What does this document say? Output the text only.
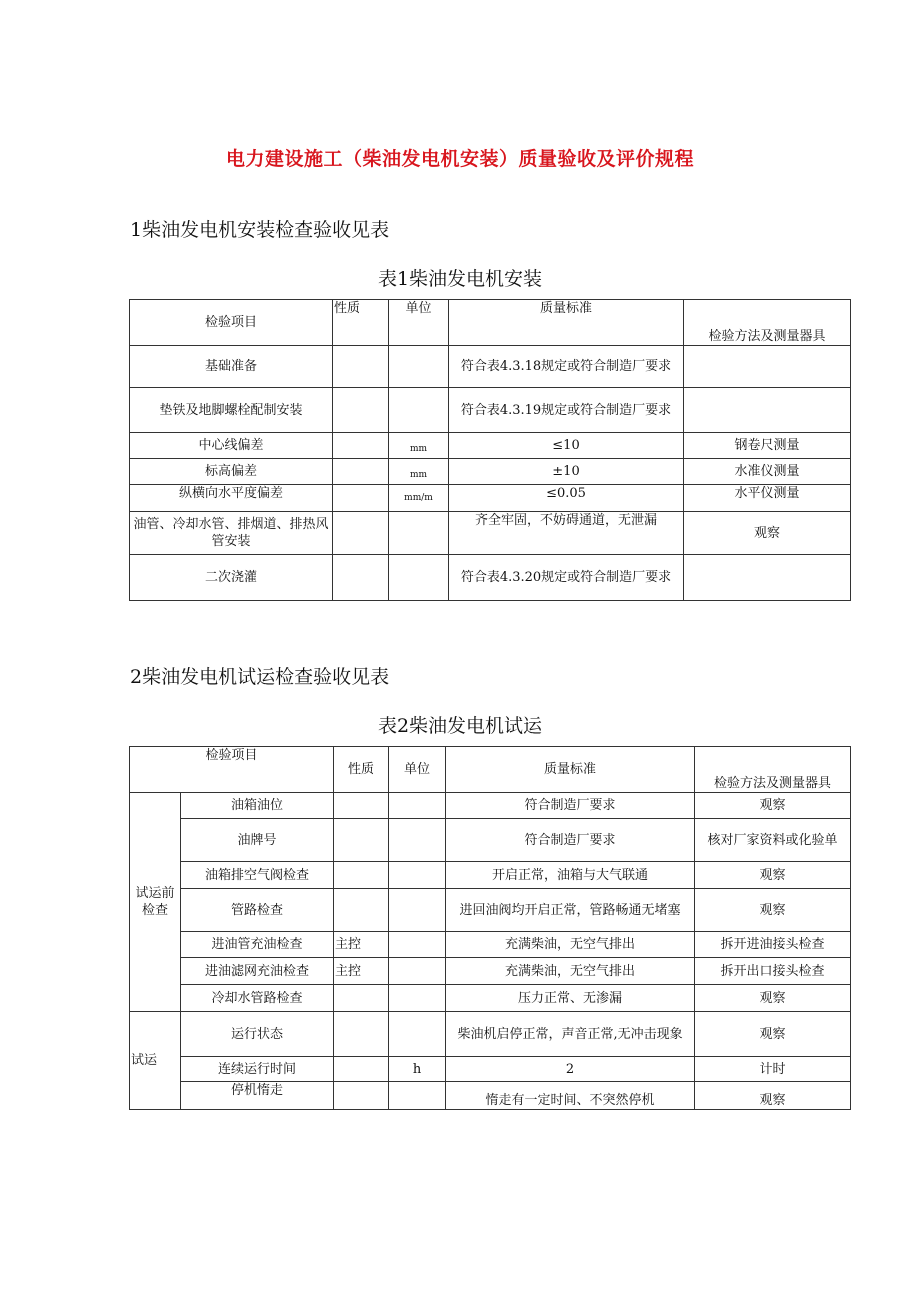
电力建设施工（柴油发电机安装）质量验收及评价规程
1柴油发电机安装检查验收见表
表1柴油发电机安装
检验项目	性质	单位	质量标准	检验方法及测量器具
基础准备			符合表4.3.18规定或符合制造厂要求	
垫铁及地脚螺栓配制安装			符合表4.3.19规定或符合制造厂要求	
中心线偏差		mm	≤10	钢卷尺测量
标高偏差		mm	±10	水准仪测量
纵横向水平度偏差		mm/m	≤0.05	水平仪测量
油管、冷却水管、排烟道、排热风管安装			齐全牢固，不妨碍通道，无泄漏	观察
二次浇灌			符合表4.3.20规定或符合制造厂要求	
2柴油发电机试运检查验收见表
表2柴油发电机试运
检验项目		性质	单位	质量标准	检验方法及测量器具
试运前检查	油箱油位			符合制造厂要求	观察
	油牌号			符合制造厂要求	核对厂家资料或化验单
	油箱排空气阀检查			开启正常，油箱与大气联通	观察
	管路检查			进回油阀均开启正常，管路畅通无堵塞	观察
	进油管充油检查	主控		充满柴油，无空气排出	拆开进油接头检查
	进油滤网充油检查	主控		充满柴油，无空气排出	拆开出口接头检查
	冷却水管路检查			压力正常、无渗漏	观察
试运	运行状态			柴油机启停正常，声音正常,无冲击现象	观察
	连续运行时间		h	2	计时
	停机惰走			惰走有一定时间、不突然停机	观察
